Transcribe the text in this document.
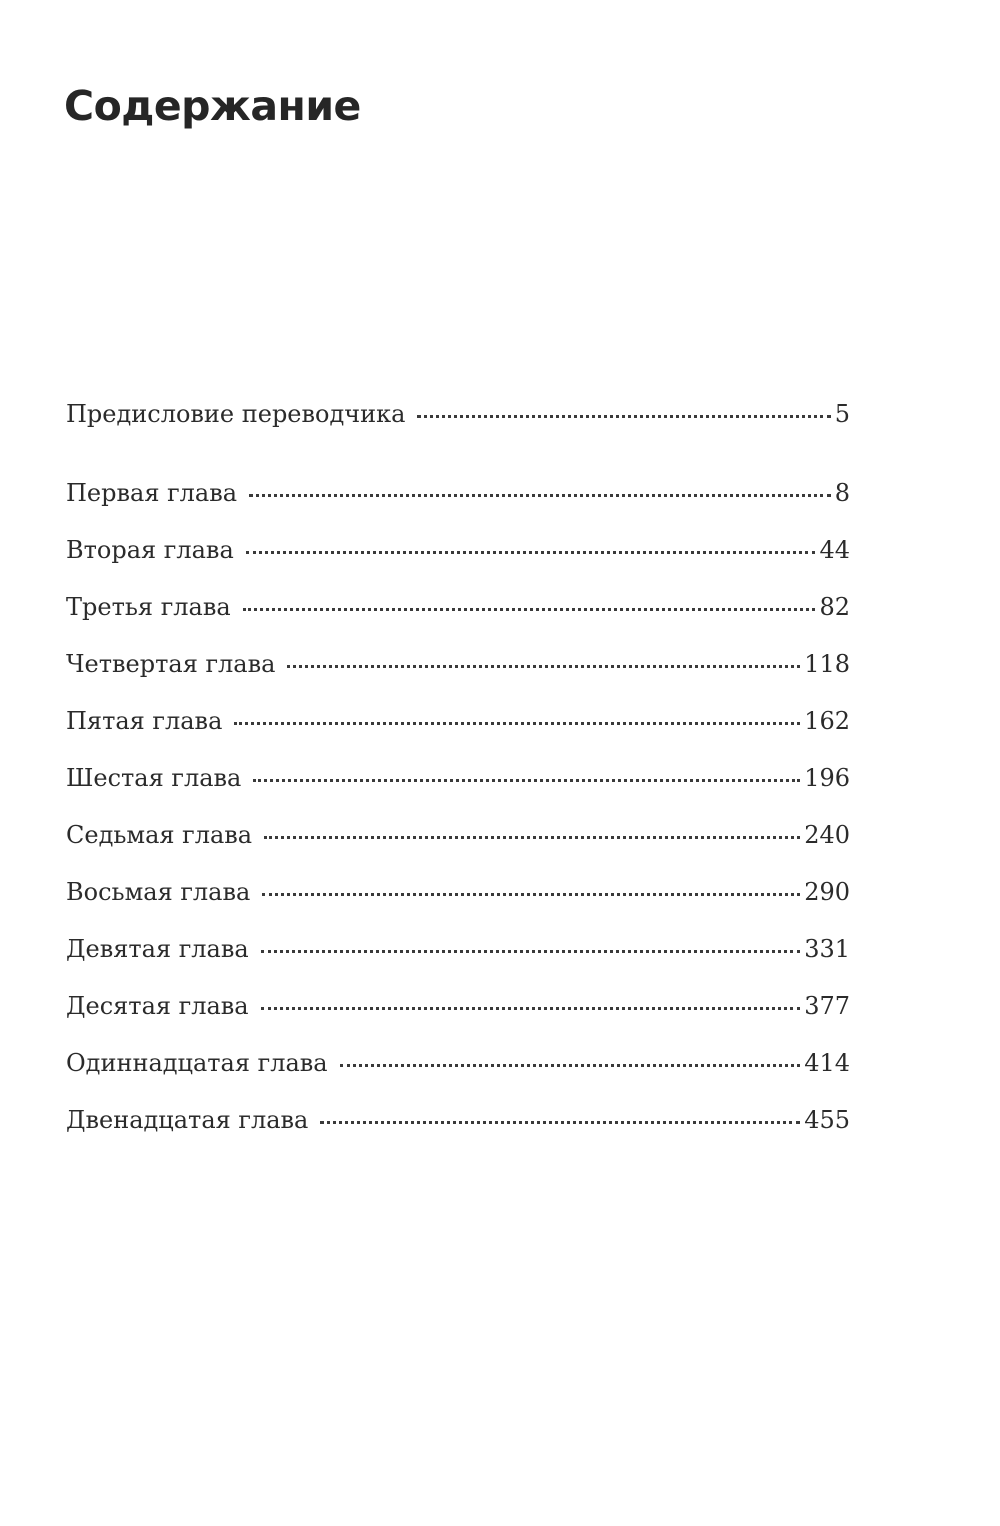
Содержание
Предисловие переводчика	5
Первая глава	8
Вторая глава	44
Третья глава	82
Четвертая глава	118
Пятая глава	162
Шестая глава	196
Седьмая глава	240
Восьмая глава	290
Девятая глава	331
Десятая глава	377
Одиннадцатая глава	414
Двенадцатая глава	455
